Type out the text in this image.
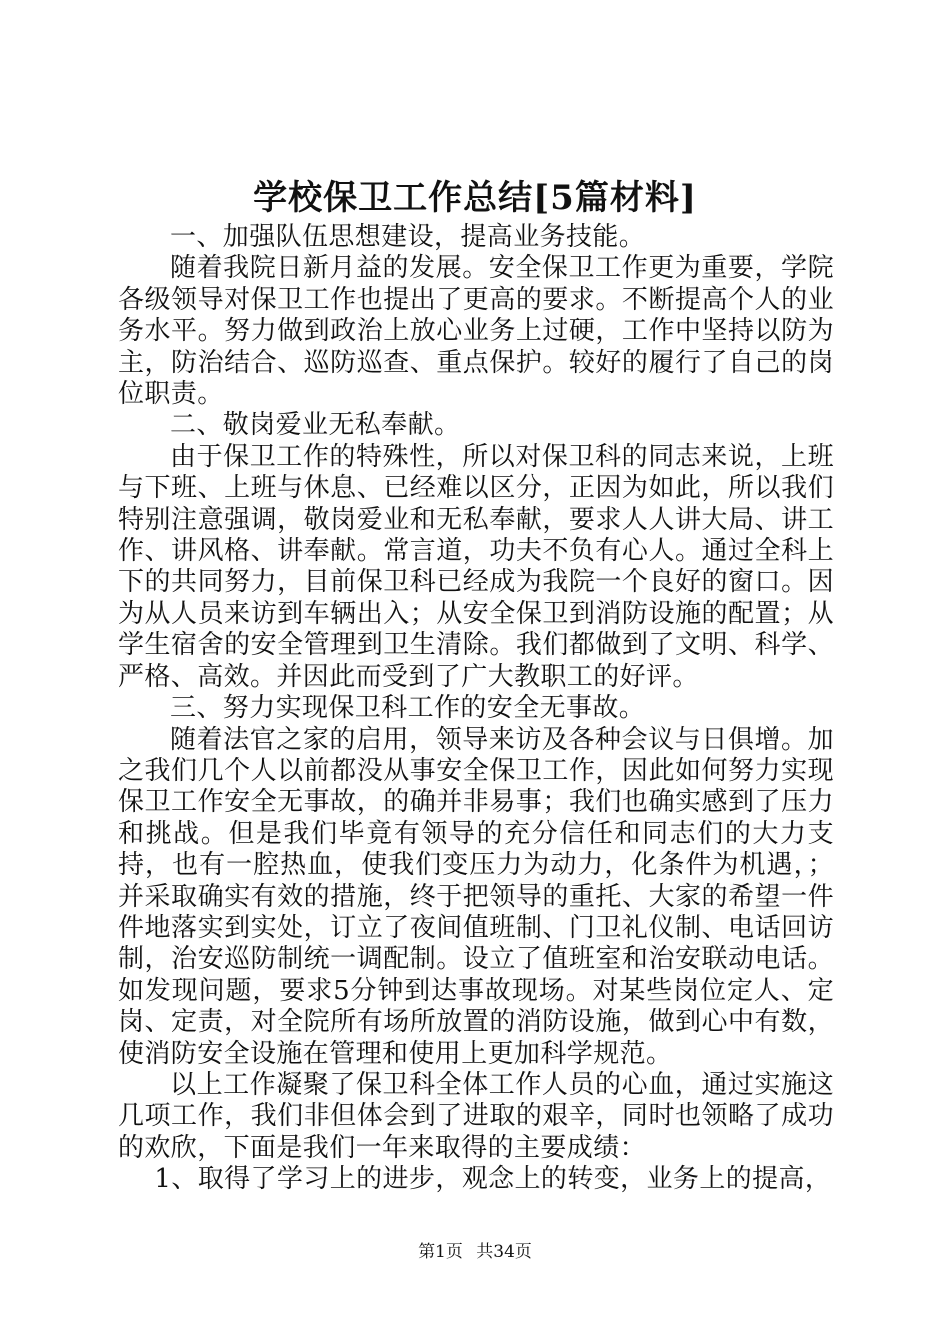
学校保卫工作总结[5篇材料]

一、加强队伍思想建设，提高业务技能。

随着我院日新月益的发展。安全保卫工作更为重要，学院各级领导对保卫工作也提出了更高的要求。不断提高个人的业务水平。努力做到政治上放心业务上过硬，工作中坚持以防为主，防治结合、巡防巡查、重点保护。较好的履行了自己的岗位职责。

二、敬岗爱业无私奉献。

由于保卫工作的特殊性，所以对保卫科的同志来说，上班与下班、上班与休息、已经难以区分，正因为如此，所以我们特别注意强调，敬岗爱业和无私奉献，要求人人讲大局、讲工作、讲风格、讲奉献。常言道，功夫不负有心人。通过全科上下的共同努力，目前保卫科已经成为我院一个良好的窗口。因为从人员来访到车辆出入；从安全保卫到消防设施的配置；从学生宿舍的安全管理到卫生清除。我们都做到了文明、科学、严格、高效。并因此而受到了广大教职工的好评。

三、努力实现保卫科工作的安全无事故。

随着法官之家的启用，领导来访及各种会议与日俱增。加之我们几个人以前都没从事安全保卫工作，因此如何努力实现保卫工作安全无事故，的确并非易事；我们也确实感到了压力和挑战。但是我们毕竟有领导的充分信任和同志们的大力支持，也有一腔热血，使我们变压力为动力，化条件为机遇，；并采取确实有效的措施，终于把领导的重托、大家的希望一件件地落实到实处，订立了夜间值班制、门卫礼仪制、电话回访制，治安巡防制统一调配制。设立了值班室和治安联动电话。如发现问题，要求5分钟到达事故现场。对某些岗位定人、定岗、定责，对全院所有场所放置的消防设施，做到心中有数，使消防安全设施在管理和使用上更加科学规范。

以上工作凝聚了保卫科全体工作人员的心血，通过实施这几项工作，我们非但体会到了进取的艰辛，同时也领略了成功的欢欣，下面是我们一年来取得的主要成绩：

1、取得了学习上的进步，观念上的转变，业务上的提高，

第1页 共34页
